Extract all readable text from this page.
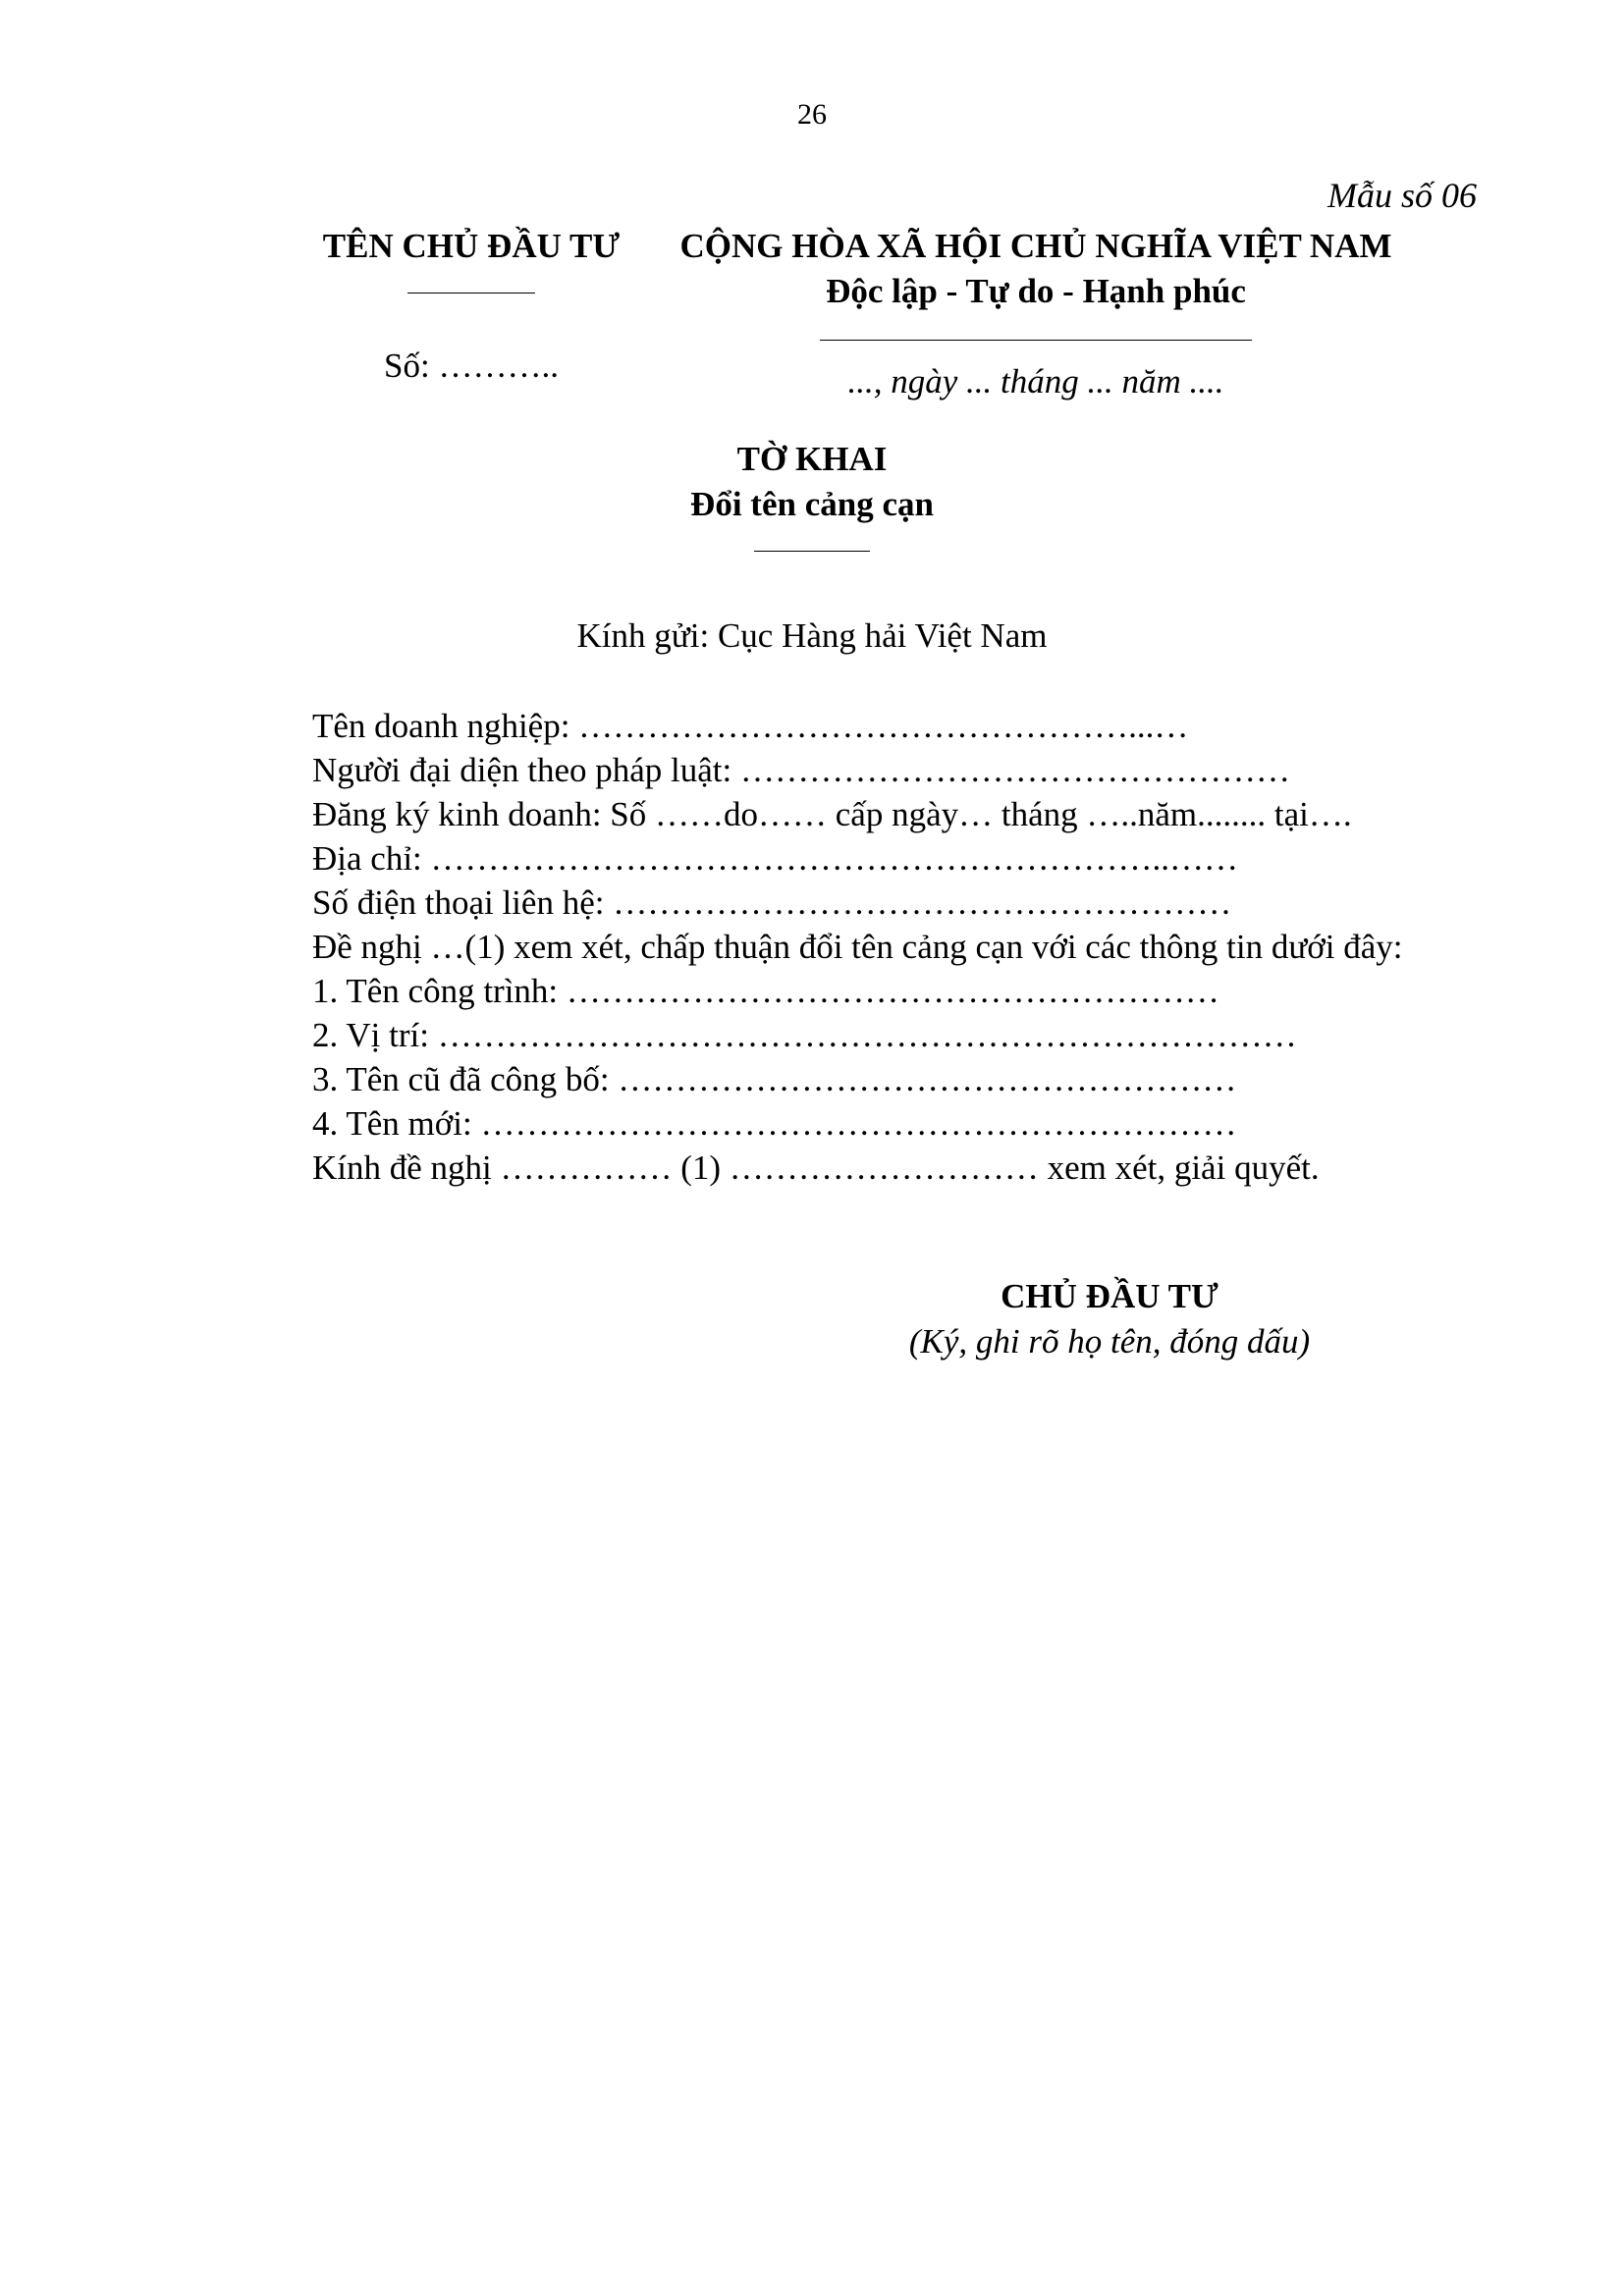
26
Mẫu số 06
TÊN CHỦ ĐẦU TƯ
Số: ………..
CỘNG HÒA XÃ HỘI CHỦ NGHĨA VIỆT NAM
Độc lập - Tự do - Hạnh phúc
..., ngày ... tháng ... năm ....
TỜ KHAI
Đổi tên cảng cạn
Kính gửi: Cục Hàng hải Việt Nam
Tên doanh nghiệp: …………………………………………...…
Người đại diện theo pháp luật: …………………………………………
Đăng ký kinh doanh: Số ……do…… cấp ngày… tháng …..năm........ tại….
Địa chỉ: ………………………………………………………..……
Số điện thoại liên hệ: ………………………………………………
Đề nghị …(1) xem xét, chấp thuận đổi tên cảng cạn với các thông tin dưới đây:
1. Tên công trình: …………………………………………………
2. Vị trí: …………………………………………………………………
3. Tên cũ đã công bố: ………………………………………………
4. Tên mới: …………………………………………………………
Kính đề nghị …………… (1) ……………………… xem xét, giải quyết.
CHỦ ĐẦU TƯ
(Ký, ghi rõ họ tên, đóng dấu)
